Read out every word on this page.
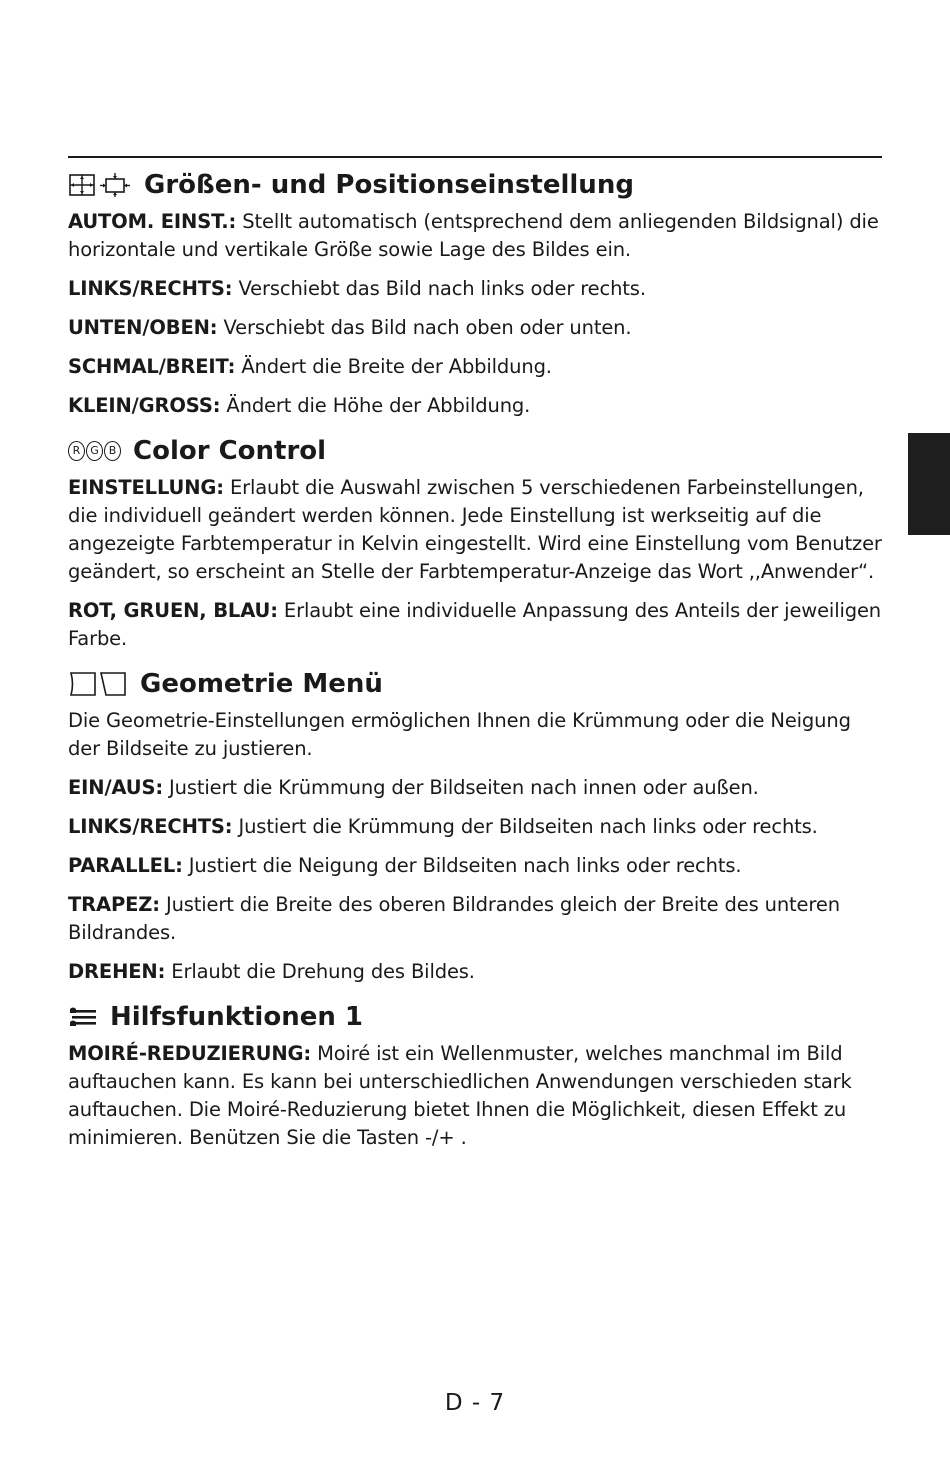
Größen- und Positionseinstellung

AUTOM. EINST.: Stellt automatisch (entsprechend dem anliegenden Bildsignal) die horizontale und vertikale Größe sowie Lage des Bildes ein.

LINKS/RECHTS: Verschiebt das Bild nach links oder rechts.

UNTEN/OBEN: Verschiebt das Bild nach oben oder unten.

SCHMAL/BREIT: Ändert die Breite der Abbildung.

KLEIN/GROSS: Ändert die Höhe der Abbildung.

R G B Color Control

EINSTELLUNG: Erlaubt die Auswahl zwischen 5 verschiedenen Farbeinstellungen, die individuell geändert werden können. Jede Einstellung ist werkseitig auf die angezeigte Farbtemperatur in Kelvin eingestellt. Wird eine Einstellung vom Benutzer geändert, so erscheint an Stelle der Farbtemperatur-Anzeige das Wort ,,Anwender“.

ROT, GRUEN, BLAU: Erlaubt eine individuelle Anpassung des Anteils der jeweiligen Farbe.

Geometrie Menü

Die Geometrie-Einstellungen ermöglichen Ihnen die Krümmung oder die Neigung der Bildseite zu justieren.

EIN/AUS: Justiert die Krümmung der Bildseiten nach innen oder außen.

LINKS/RECHTS: Justiert die Krümmung der Bildseiten nach links oder rechts.

PARALLEL: Justiert die Neigung der Bildseiten nach links oder rechts.

TRAPEZ: Justiert die Breite des oberen Bildrandes gleich der Breite des unteren Bildrandes.

DREHEN: Erlaubt die Drehung des Bildes.

Hilfsfunktionen 1

MOIRÉ-REDUZIERUNG: Moiré ist ein Wellenmuster, welches manchmal im Bild auftauchen kann. Es kann bei unterschiedlichen Anwendungen verschieden stark auftauchen. Die Moiré-Reduzierung bietet Ihnen die Möglichkeit, diesen Effekt zu minimieren. Benützen Sie die Tasten -/+ .

D - 7
